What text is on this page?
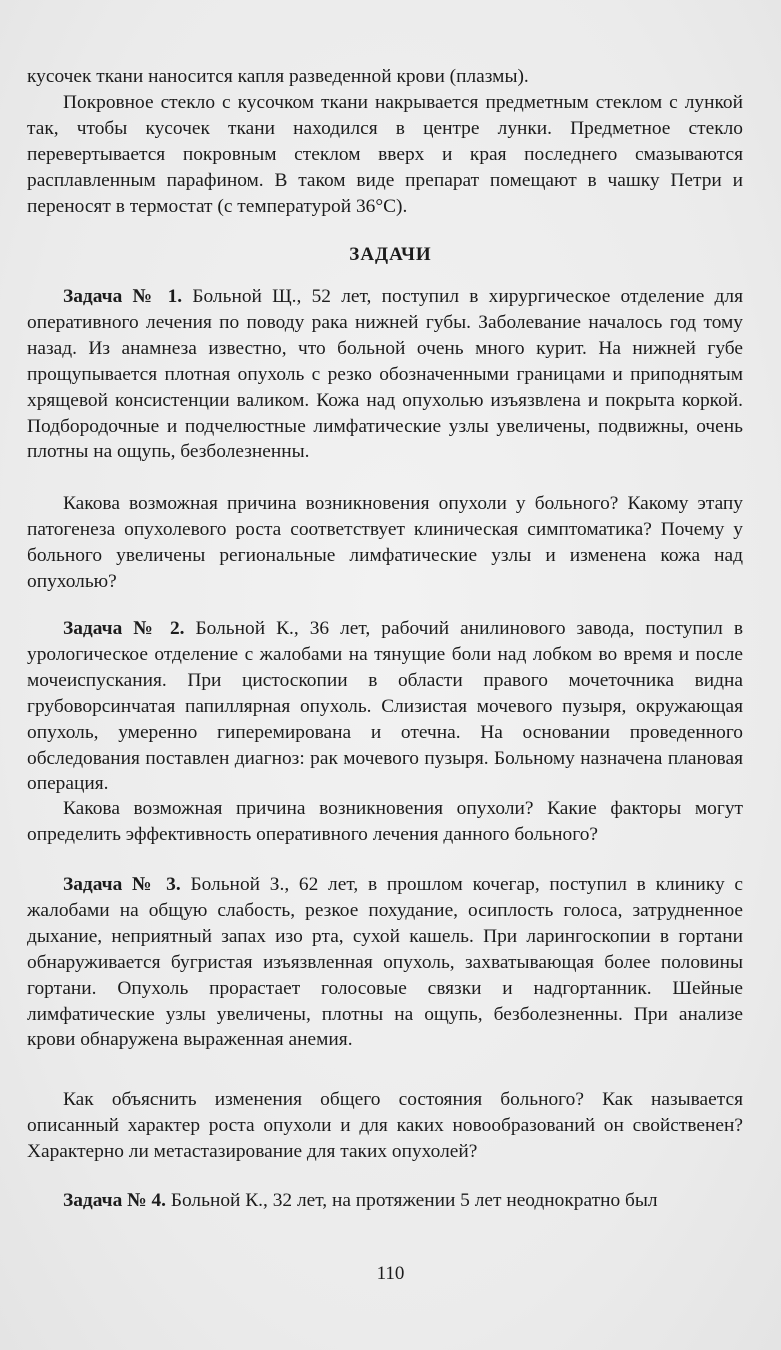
кусочек ткани наносится капля разведенной крови (плазмы).
Покровное стекло с кусочком ткани накрывается предметным стеклом с лункой так, чтобы кусочек ткани находился в центре лунки. Предметное стекло перевертывается покровным стеклом вверх и края последнего смазываются расплавленным парафином. В таком виде препарат помещают в чашку Петри и переносят в термостат (с температурой 36°С).
ЗАДАЧИ
Задача № 1. Больной Щ., 52 лет, поступил в хирургическое отделение для оперативного лечения по поводу рака нижней губы. Заболевание началось год тому назад. Из анамнеза известно, что больной очень много курит. На нижней губе прощупывается плотная опухоль с резко обозначенными границами и приподнятым хрящевой консистенции валиком. Кожа над опухолью изъязвлена и покрыта коркой. Подбородочные и подчелюстные лимфатические узлы увеличены, подвижны, очень плотны на ощупь, безболезненны.
Какова возможная причина возникновения опухоли у больного? Какому этапу патогенеза опухолевого роста соответствует клиническая симптоматика? Почему у больного увеличены региональные лимфатические узлы и изменена кожа над опухолью?
Задача № 2. Больной К., 36 лет, рабочий анилинового завода, поступил в урологическое отделение с жалобами на тянущие боли над лобком во время и после мочеиспускания. При цистоскопии в области правого мочеточника видна грубоворсинчатая папиллярная опухоль. Слизистая мочевого пузыря, окружающая опухоль, умеренно гиперемирована и отечна. На основании проведенного обследования поставлен диагноз: рак мочевого пузыря. Больному назначена плановая операция.
Какова возможная причина возникновения опухоли? Какие факторы могут определить эффективность оперативного лечения данного больного?
Задача № 3. Больной З., 62 лет, в прошлом кочегар, поступил в клинику с жалобами на общую слабость, резкое похудание, осиплость голоса, затрудненное дыхание, неприятный запах изо рта, сухой кашель. При ларингоскопии в гортани обнаруживается бугристая изъязвленная опухоль, захватывающая более половины гортани. Опухоль прорастает голосовые связки и надгортанник. Шейные лимфатические узлы увеличены, плотны на ощупь, безболезненны. При анализе крови обнаружена выраженная анемия.
Как объяснить изменения общего состояния больного? Как называется описанный характер роста опухоли и для каких новообразований он свойственен? Характерно ли метастазирование для таких опухолей?
Задача № 4. Больной К., 32 лет, на протяжении 5 лет неоднократно был
110
